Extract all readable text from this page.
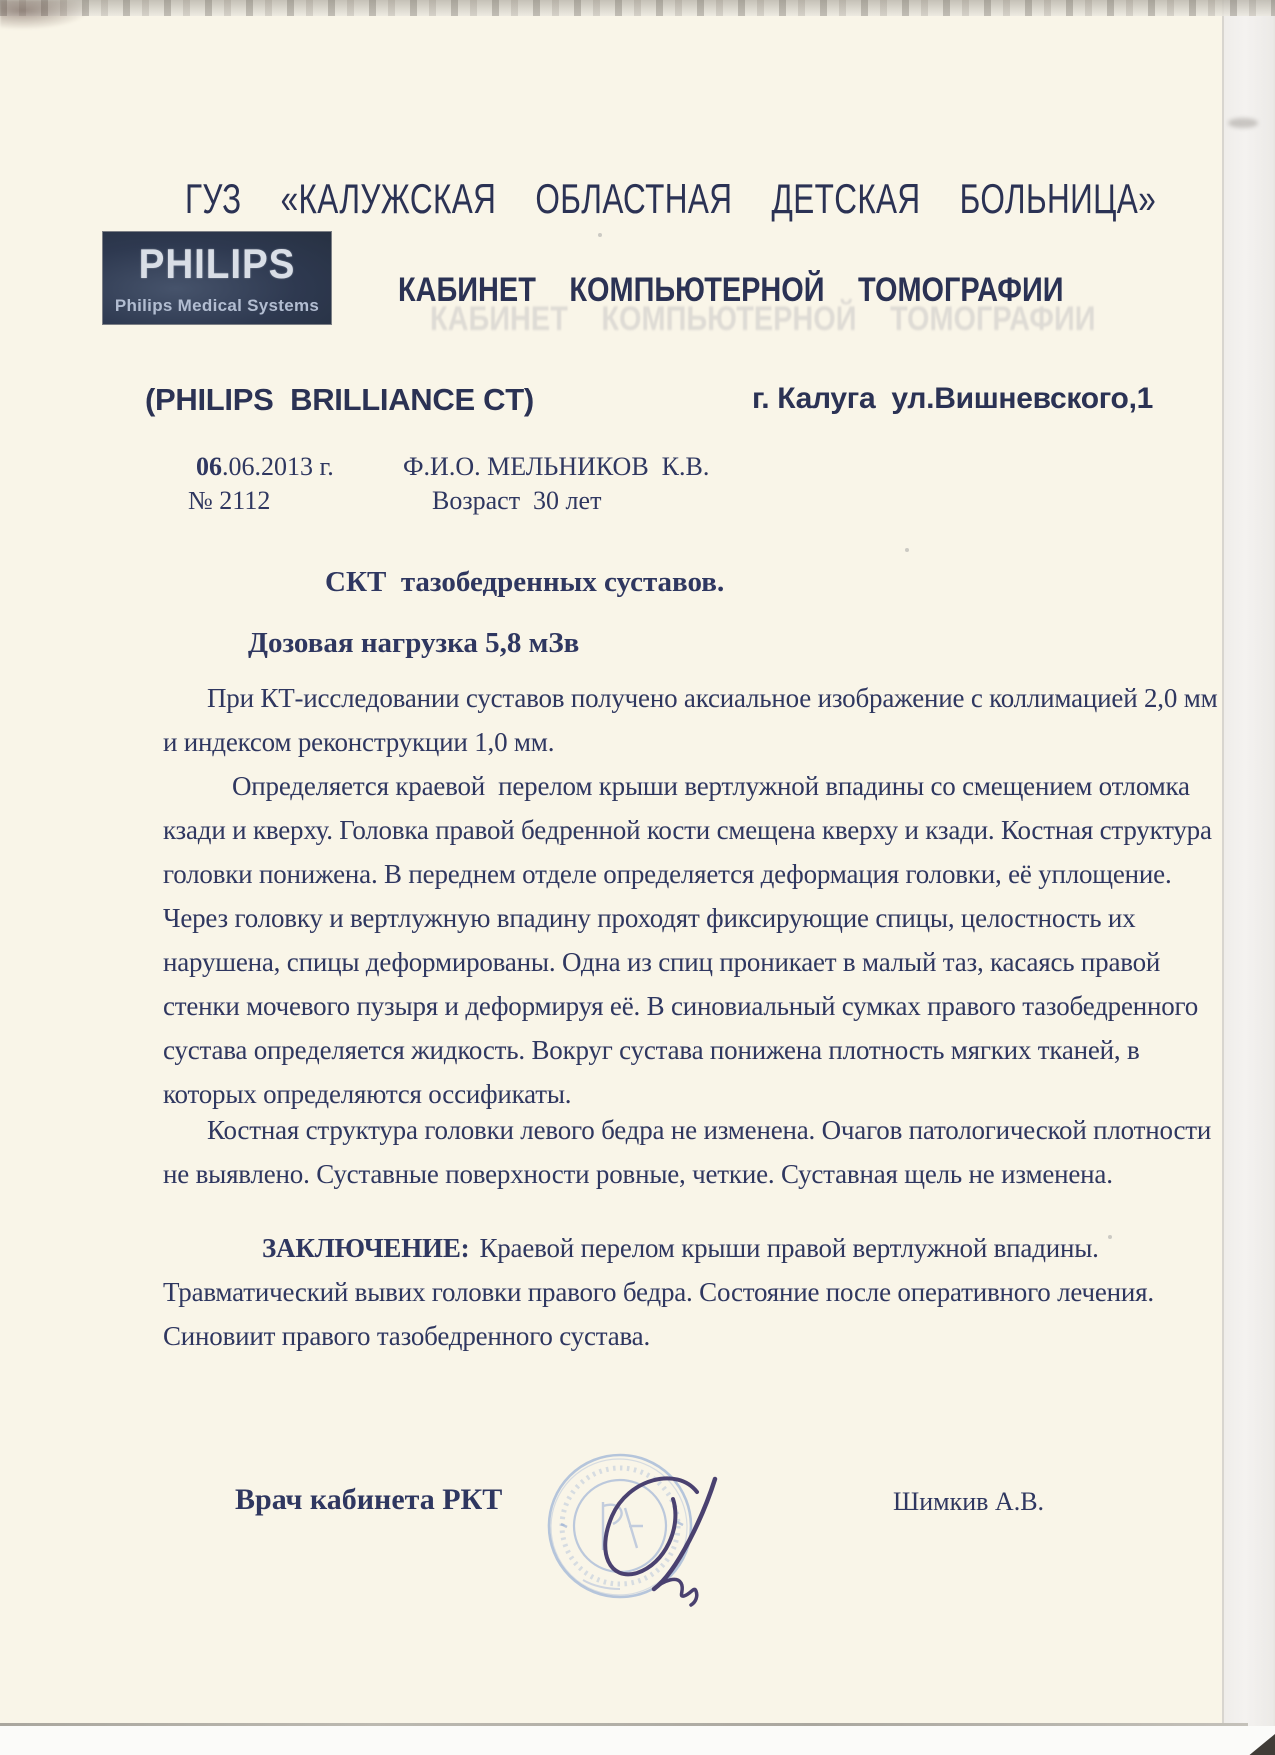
ГУЗ «КАЛУЖСКАЯ ОБЛАСТНАЯ ДЕТСКАЯ БОЛЬНИЦА»
PHILIPS
Philips Medical Systems	КАБИНЕТ КОМПЬЮТЕРНОЙ ТОМОГРАФИИ
КАБИНЕТ КОМПЬЮТЕРНОЙ ТОМОГРАФИИ
(PHILIPS  BRILLIANCE CT)	г. Калуга  ул.Вишневского,1
06.06.2013 г.
№ 2112
Ф.И.О. МЕЛЬНИКОВ  К.В.
Возраст  30 лет
СКТ  тазобедренных суставов.
Дозовая нагрузка 5,8 мЗв
При КТ-исследовании суставов получено аксиальное изображение с коллимацией 2,0 мм
и индексом реконструкции 1,0 мм.
Определяется краевой  перелом крыши вертлужной впадины со смещением отломка
кзади и кверху. Головка правой бедренной кости смещена кверху и кзади. Костная структура
головки понижена. В переднем отделе определяется деформация головки, её уплощение.
Через головку и вертлужную впадину проходят фиксирующие спицы, целостность их
нарушена, спицы деформированы. Одна из спиц проникает в малый таз, касаясь правой
стенки мочевого пузыря и деформируя её. В синовиальный сумках правого тазобедренного
сустава определяется жидкость. Вокруг сустава понижена плотность мягких тканей, в
которых определяются оссификаты.
Костная структура головки левого бедра не изменена. Очагов патологической плотности
не выявлено. Суставные поверхности ровные, четкие. Суставная щель не изменена.
ЗАКЛЮЧЕНИЕ: Краевой перелом крыши правой вертлужной впадины.
Травматический вывих головки правого бедра. Состояние после оперативного лечения.
Синовиит правого тазобедренного сустава.
Врач кабинета РКТ	Шимкив А.В.
